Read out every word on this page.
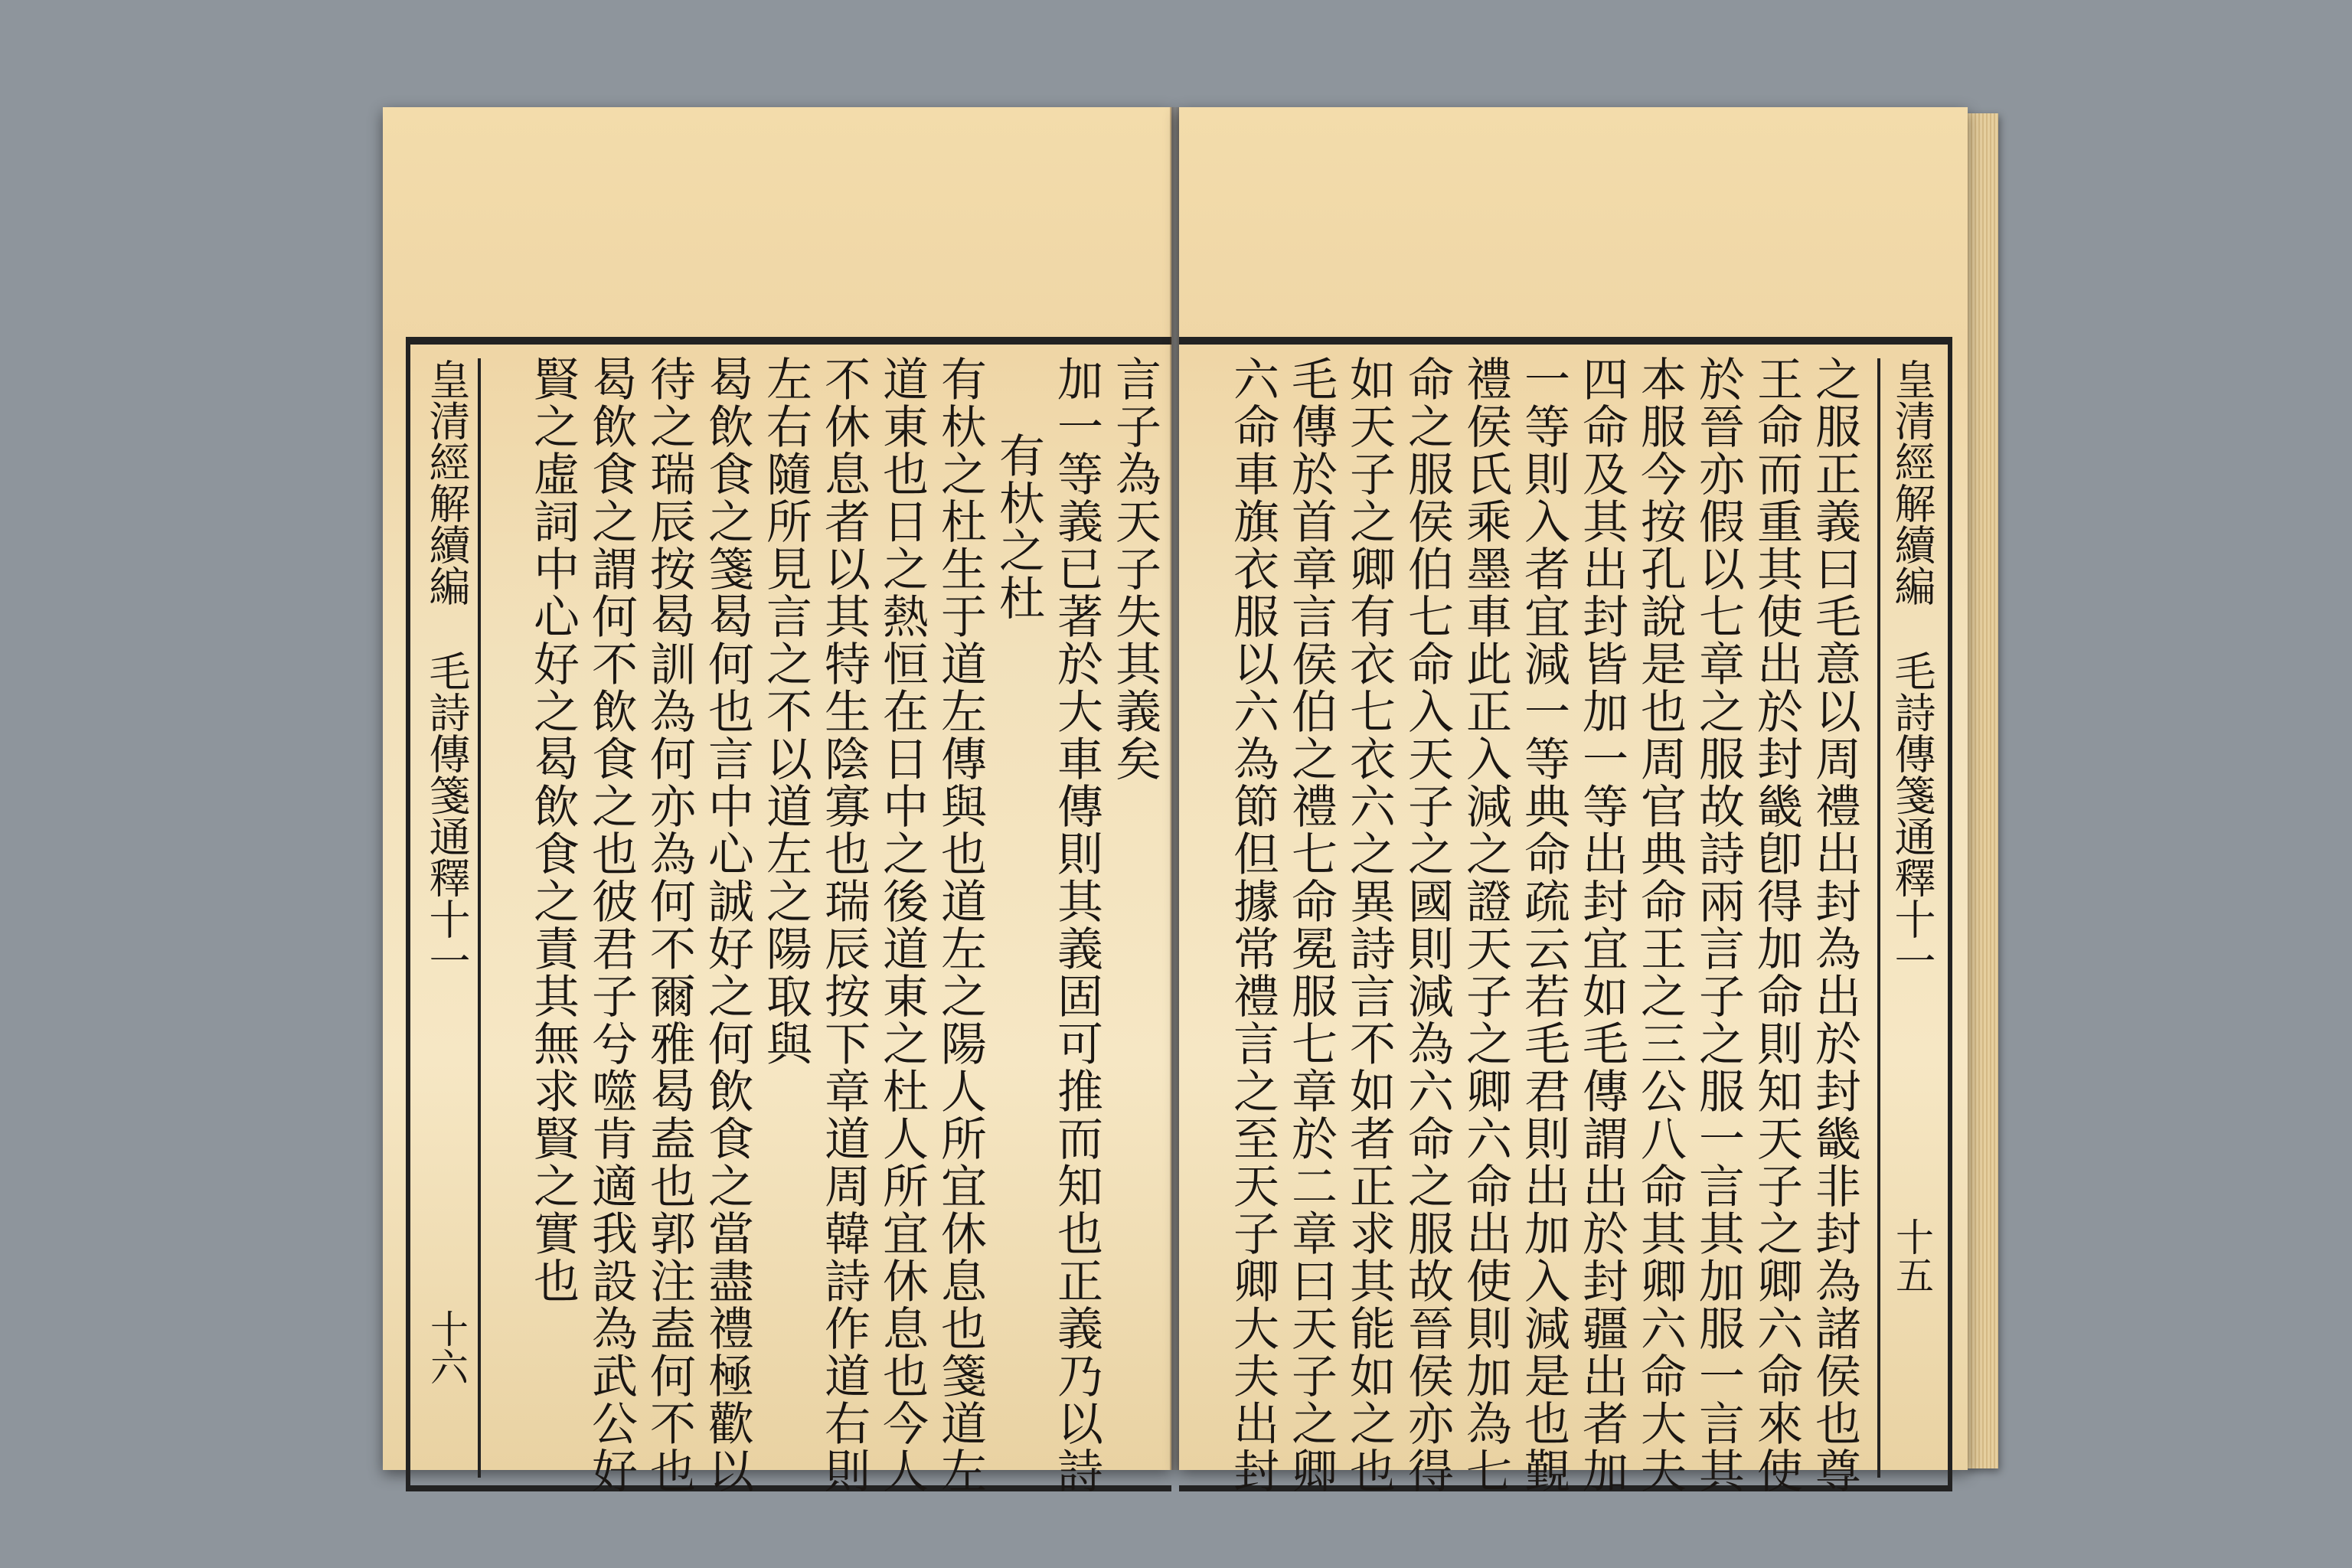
皇清經解續編 毛詩傳箋通釋十一
十六
言子為天子失其義矣
加一等義已著於大車傳則其義固可推而知也正義乃以詩
有杕之杜
有杕之杜生于道左傳與也道左之陽人所宜休息也箋道左
道東也日之熱恒在日中之後道東之杜人所宜休息也今人
不休息者以其特生陰寡也瑞辰按下章道周韓詩作道右則
左右隨所見言之不以道左之陽取與
曷飲食之箋曷何也言中心誠好之何飲食之當盡禮極歡以
待之瑞辰按曷訓為何亦為何不爾雅曷盍也郭注盍何不也
曷飲食之謂何不飲食之也彼君子兮噬肯適我設為武公好
賢之虛詞中心好之曷飲食之責其無求賢之實也	之服正義曰毛意以周禮出封為出於封畿非封為諸侯也尊
王命而重其使出於封畿卽得加命則知天子之卿六命來使
於晉亦假以七章之服故詩兩言子之服一言其加服一言其
本服今按孔說是也周官典命王之三公八命其卿六命大夫
四命及其出封皆加一等出封宜如毛傳謂出於封疆出者加
一等則入者宜減一等典命疏云若毛君則出加入減是也覲
禮侯氏乘墨車此正入減之證天子之卿六命出使則加為七
命之服侯伯七命入天子之國則減為六命之服故晉侯亦得
如天子之卿有衣七衣六之異詩言不如者正求其能如之也
毛傳於首章言侯伯之禮七命冕服七章於二章曰天子之卿
六命車旗衣服以六為節但據常禮言之至天子卿大夫出封	皇清經解續編 毛詩傳箋通釋十一
十五
